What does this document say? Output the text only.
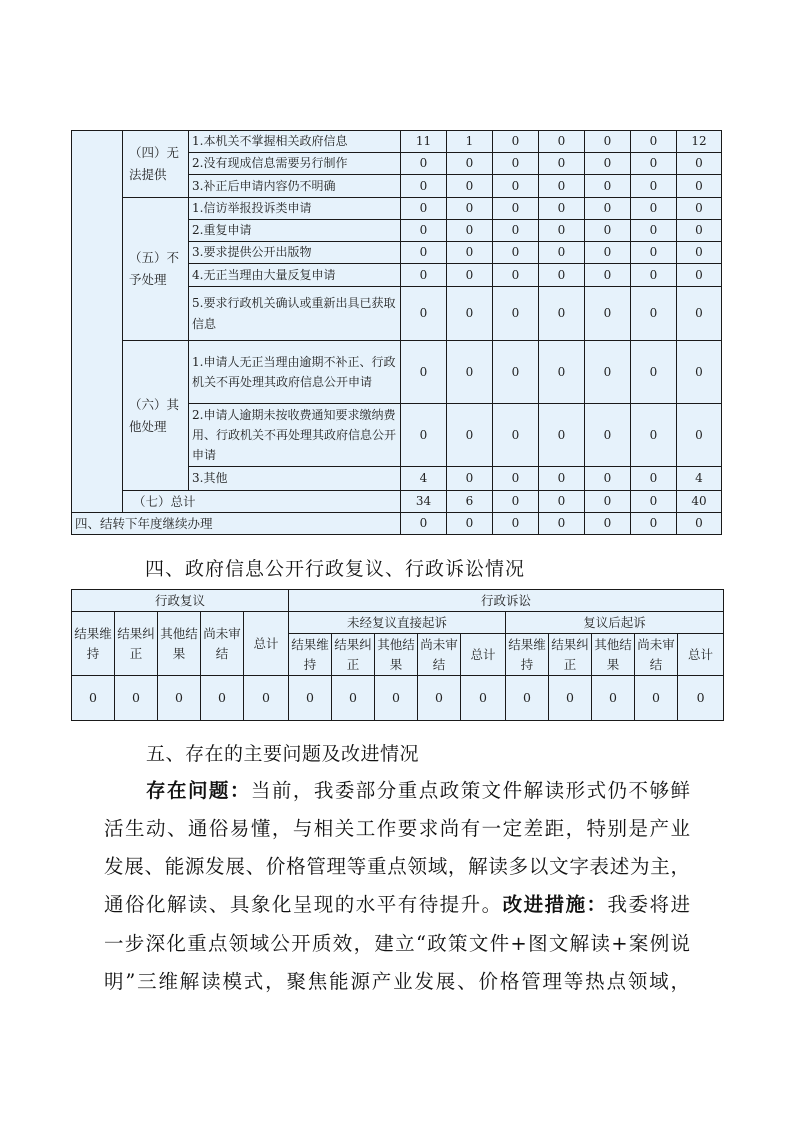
	（四）无法提供	1.本机关不掌握相关政府信息	11	1	0	0	0	0	12
		2.没有现成信息需要另行制作	0	0	0	0	0	0	0
		3.补正后申请内容仍不明确	0	0	0	0	0	0	0
	（五）不予处理	1.信访举报投诉类申请	0	0	0	0	0	0	0
		2.重复申请	0	0	0	0	0	0	0
		3.要求提供公开出版物	0	0	0	0	0	0	0
		4.无正当理由大量反复申请	0	0	0	0	0	0	0
		5.要求行政机关确认或重新出具已获取信息	0	0	0	0	0	0	0
	（六）其他处理	1.申请人无正当理由逾期不补正、行政机关不再处理其政府信息公开申请	0	0	0	0	0	0	0
		2.申请人逾期未按收费通知要求缴纳费用、行政机关不再处理其政府信息公开申请	0	0	0	0	0	0	0
		3.其他	4	0	0	0	0	0	4
	（七）总计		34	6	0	0	0	0	40
四、结转下年度继续办理			0	0	0	0	0	0	0
四、政府信息公开行政复议、行政诉讼情况
行政复议					行政诉讼									
结果维持	结果纠正	其他结果	尚未审结	总计	未经复议直接起诉					复议后起诉				
					结果维持	结果纠正	其他结果	尚未审结	总计	结果维持	结果纠正	其他结果	尚未审结	总计
0	0	0	0	0	0	0	0	0	0	0	0	0	0	0
五、存在的主要问题及改进情况
存在问题：当前，我委部分重点政策文件解读形式仍不够鲜
活生动、通俗易懂，与相关工作要求尚有一定差距，特别是产业
发展、能源发展、价格管理等重点领域，解读多以文字表述为主，
通俗化解读、具象化呈现的水平有待提升。改进措施：我委将进
一步深化重点领域公开质效，建立“政策文件+图文解读+案例说
明”三维解读模式，聚焦能源产业发展、价格管理等热点领域，
